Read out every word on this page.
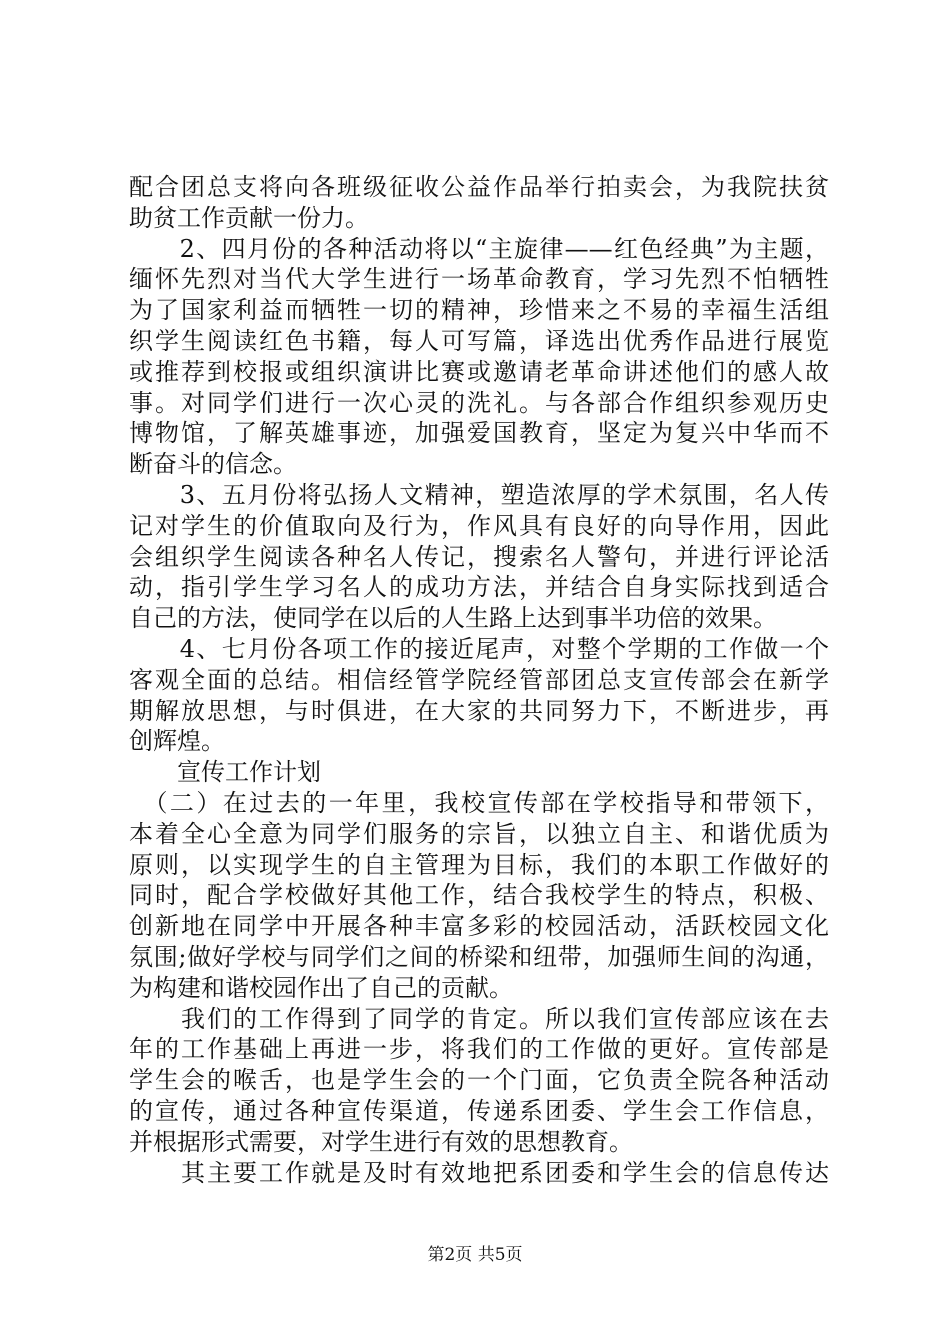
配合团总支将向各班级征收公益作品举行拍卖会，为我院扶贫
助贫工作贡献一份力。
　　2、四月份的各种活动将以“主旋律——红色经典”为主题，
缅怀先烈对当代大学生进行一场革命教育，学习先烈不怕牺牲
为了国家利益而牺牲一切的精神，珍惜来之不易的幸福生活组
织学生阅读红色书籍，每人可写篇，译选出优秀作品进行展览
或推荐到校报或组织演讲比赛或邀请老革命讲述他们的感人故
事。对同学们进行一次心灵的洗礼。与各部合作组织参观历史
博物馆，了解英雄事迹，加强爱国教育，坚定为复兴中华而不
断奋斗的信念。
　　3、五月份将弘扬人文精神，塑造浓厚的学术氛围，名人传
记对学生的价值取向及行为，作风具有良好的向导作用，因此
会组织学生阅读各种名人传记，搜索名人警句，并进行评论活
动，指引学生学习名人的成功方法，并结合自身实际找到适合
自己的方法，使同学在以后的人生路上达到事半功倍的效果。
　　4、七月份各项工作的接近尾声，对整个学期的工作做一个
客观全面的总结。相信经管学院经管部团总支宣传部会在新学
期解放思想，与时俱进，在大家的共同努力下，不断进步，再
创辉煌。
　　宣传工作计划
　（二）在过去的一年里，我校宣传部在学校指导和带领下，
本着全心全意为同学们服务的宗旨，以独立自主、和谐优质为
原则，以实现学生的自主管理为目标，我们的本职工作做好的
同时，配合学校做好其他工作，结合我校学生的特点，积极、
创新地在同学中开展各种丰富多彩的校园活动，活跃校园文化
氛围;做好学校与同学们之间的桥梁和纽带，加强师生间的沟通，
为构建和谐校园作出了自己的贡献。
　　我们的工作得到了同学的肯定。所以我们宣传部应该在去
年的工作基础上再进一步，将我们的工作做的更好。宣传部是
学生会的喉舌，也是学生会的一个门面，它负责全院各种活动
的宣传，通过各种宣传渠道，传递系团委、学生会工作信息，
并根据形式需要，对学生进行有效的思想教育。
　　其主要工作就是及时有效地把系团委和学生会的信息传达
第2页 共5页
